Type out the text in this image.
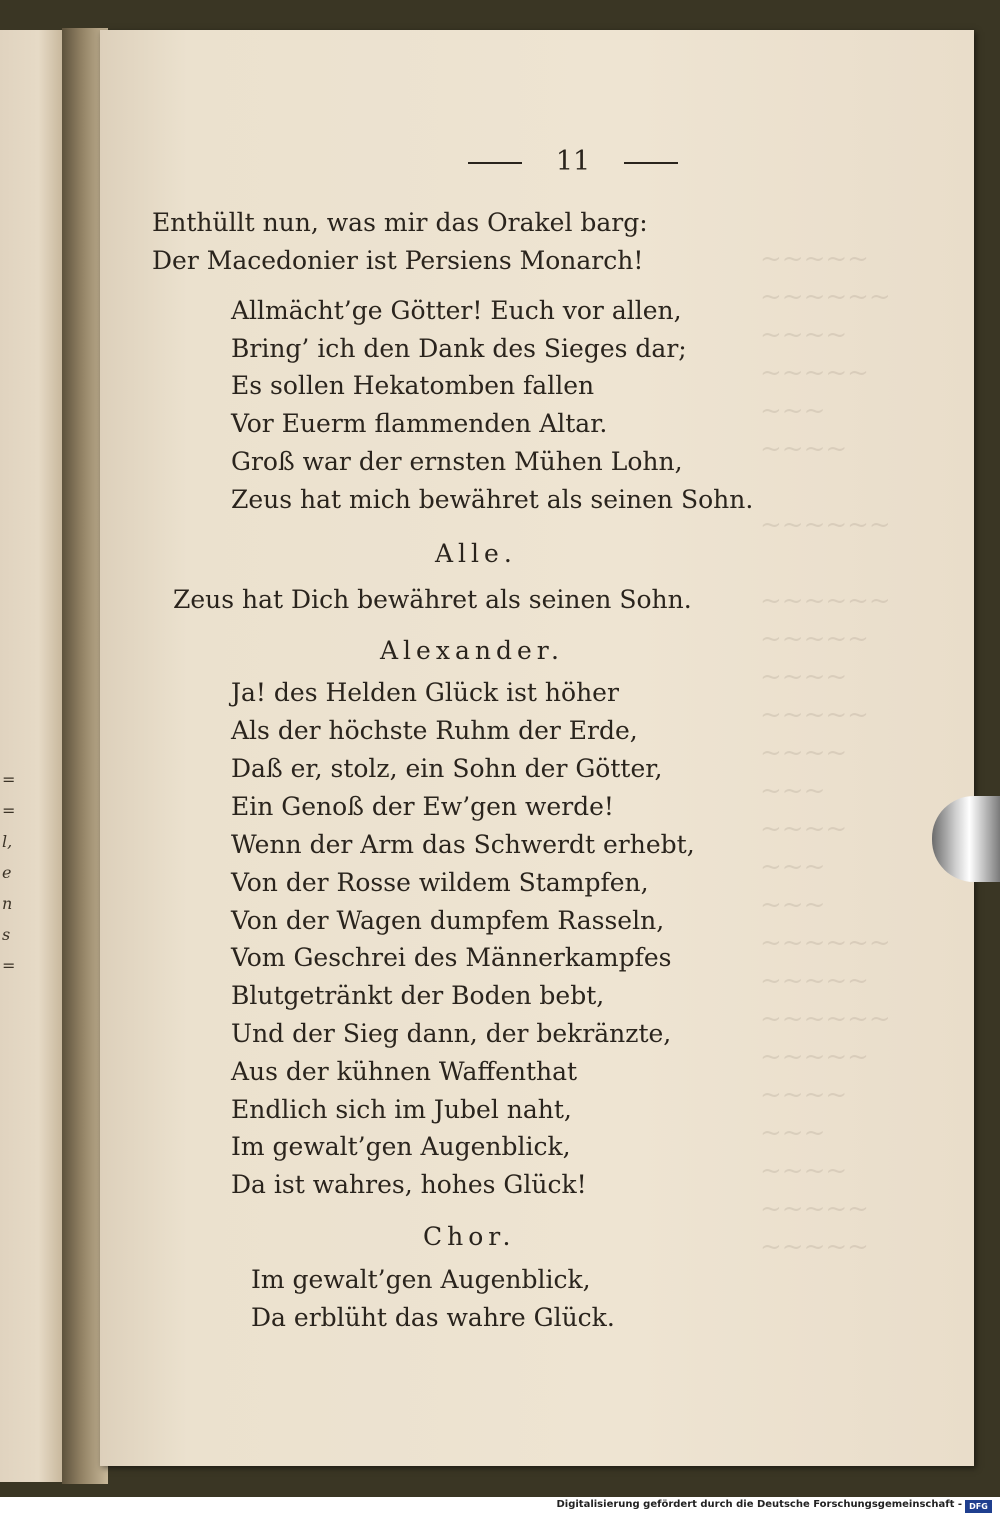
=
=
l,
e
n
s
=
~~~~~
~~~~~~
~~~~
~~~~~
~~~
~~~~
~~~~~~
~~~~~~
~~~~~
~~~~
~~~~~
~~~~
~~~
~~~~
~~~
~~~
~~~~~~
~~~~~
~~~~~~
~~~~~
~~~~
~~~
~~~~
~~~~~
~~~~~
11
Enthüllt nun, was mir das Orakel barg:
Der Macedonier ist Persiens Monarch!
Allmächt’ge Götter! Euch vor allen,
Bring’ ich den Dank des Sieges dar;
Es sollen Hekatomben fallen
Vor Euerm flammenden Altar.
Groß war der ernsten Mühen Lohn,
Zeus hat mich bewähret als seinen Sohn.
Alle.
Zeus hat Dich bewähret als seinen Sohn.
Alexander.
Ja! des Helden Glück ist höher
Als der höchste Ruhm der Erde,
Daß er, stolz, ein Sohn der Götter,
Ein Genoß der Ew’gen werde!
Wenn der Arm das Schwerdt erhebt,
Von der Rosse wildem Stampfen,
Von der Wagen dumpfem Rasseln,
Vom Geschrei des Männerkampfes
Blutgetränkt der Boden bebt,
Und der Sieg dann, der bekränzte,
Aus der kühnen Waffenthat
Endlich sich im Jubel naht,
Im gewalt’gen Augenblick,
Da ist wahres, hohes Glück!
Chor.
Im gewalt’gen Augenblick,
Da erblüht das wahre Glück.
Digitalisierung gefördert durch die Deutsche Forschungsgemeinschaft - DFG
